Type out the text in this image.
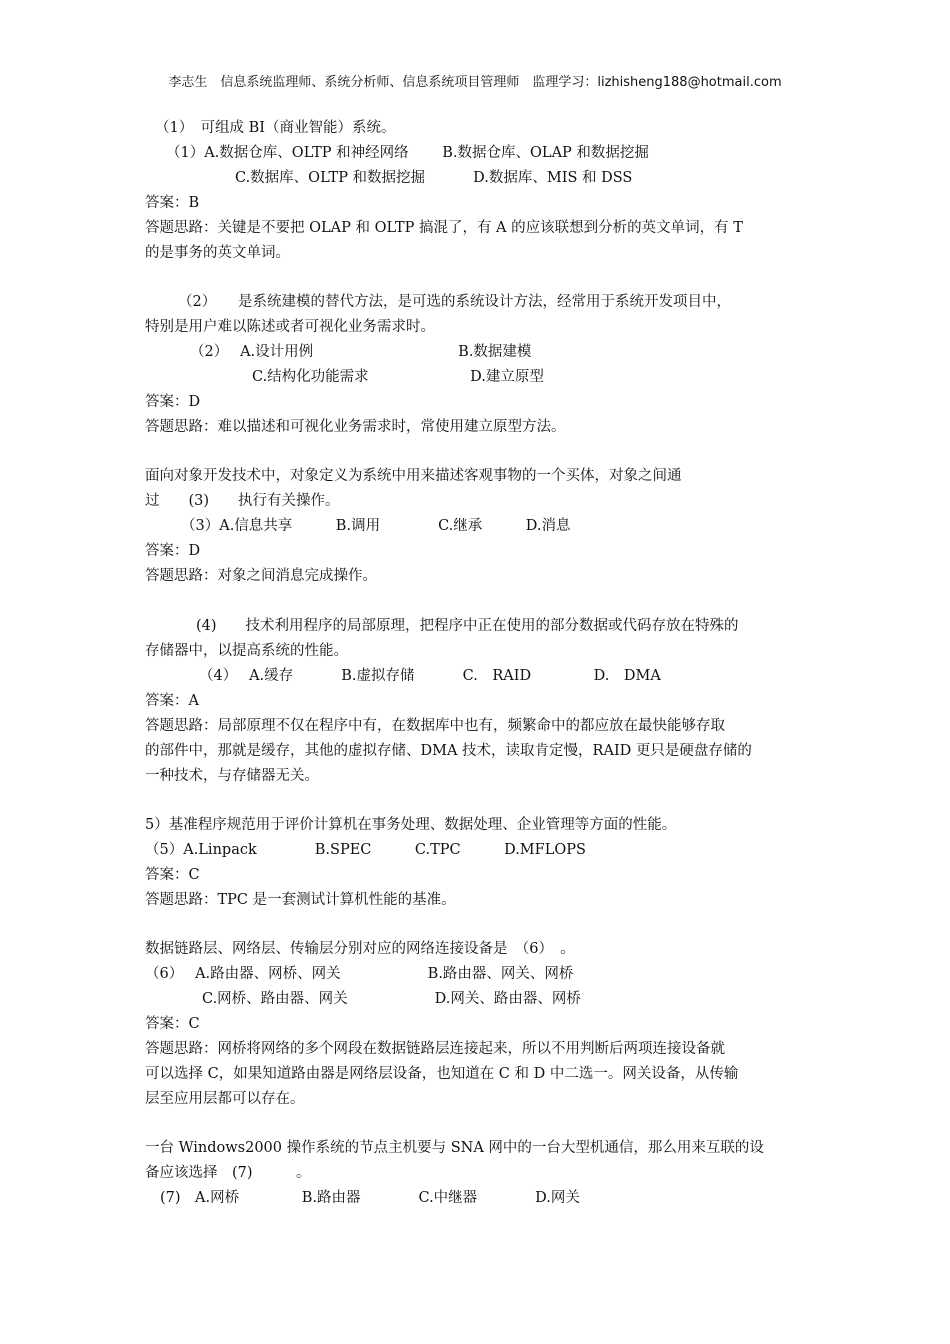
李志生　信息系统监理师、系统分析师、信息系统项目管理师　监理学习：lizhisheng188@hotmail.com
（1）　可组成 BI（商业智能）系统。
（1）A.数据仓库、OLTP 和神经网络　　 B.数据仓库、OLAP 和数据挖掘
C.数据库、OLTP 和数据挖掘　　　 D.数据库、MIS 和 DSS
答案：B
答题思路：关键是不要把 OLAP 和 OLTP 搞混了，有 A 的应该联想到分析的英文单词，有 T
的是事务的英文单词。
（2）　　是系统建模的替代方法，是可选的系统设计方法，经常用于系统开发项目中，
特别是用户难以陈述或者可视化业务需求时。
（2）　 A.设计用例　　　　　　　　　　B.数据建模
C.结构化功能需求　　　　　　　D.建立原型
答案：D
答题思路：难以描述和可视化业务需求时，常使用建立原型方法。
面向对象开发技术中，对象定义为系统中用来描述客观事物的一个买体，对象之间通
过　　(3)　　执行有关操作。
（3）A.信息共享　　　B.调用　　　　C.继承　　　D.消息
答案：D
答题思路：对象之间消息完成操作。
(4)　　技术利用程序的局部原理，把程序中正在使用的部分数据或代码存放在特殊的
存储器中，以提高系统的性能。
（4）　 A.缓存　　　 B.虚拟存储　　　 C.　RAID　　　　 D.　DMA
答案：A
答题思路：局部原理不仅在程序中有，在数据库中也有，频繁命中的都应放在最快能够存取
的部件中，那就是缓存，其他的虚拟存储、DMA 技术，读取肯定慢，RAID 更只是硬盘存储的
一种技术，与存储器无关。
5）基准程序规范用于评价计算机在事务处理、数据处理、企业管理等方面的性能。
（5）A.Linpack　　　　B.SPEC　　　C.TPC　　　D.MFLOPS
答案：C
答题思路：TPC 是一套测试计算机性能的基准。
数据链路层、网络层、传输层分别对应的网络连接设备是　（6）　。
（6）　 A.路由器、网桥、网关　　　　　　B.路由器、网关、网桥
C.网桥、路由器、网关　　　　　　D.网关、路由器、网桥
答案：C
答题思路：网桥将网络的多个网段在数据链路层连接起来，所以不用判断后两项连接设备就
可以选择 C，如果知道路由器是网络层设备，也知道在 C 和 D 中二选一。网关设备，从传输
层至应用层都可以存在。
一台 Windows2000 操作系统的节点主机要与 SNA 网中的一台大型机通信，那么用来互联的设
备应该选择　(7)　　　。
(7)　A.网桥　　　　 B.路由器　　　　C.中继器　　　　D.网关
